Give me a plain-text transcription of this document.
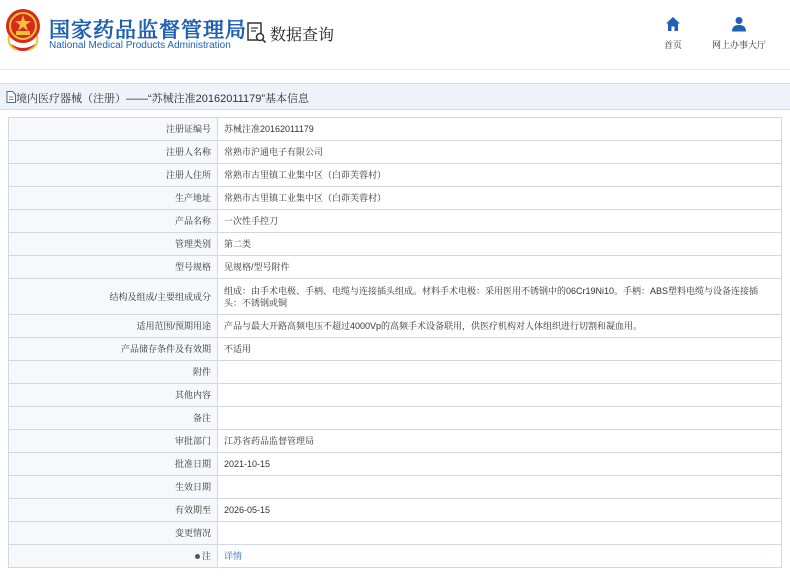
国家药品监督管理局
National Medical Products Administration
数据查询
首页	网上办事大厅
境内医疗器械（注册）——“苏械注准20162011179”基本信息
注册证编号	苏械注准20162011179
注册人名称	常熟市沪通电子有限公司
注册人住所	常熟市古里镇工业集中区（白茆芙蓉村）
生产地址	常熟市古里镇工业集中区（白茆芙蓉村）
产品名称	一次性手控刀
管理类别	第二类
型号规格	见规格/型号附件
结构及组成/主要组成成分	组成：由手术电极、手柄、电缆与连接插头组成。材料手术电极：采用医用不锈钢中的06Cr19Ni10。手柄：ABS塑料电缆与设备连接插头：不锈钢或铜
适用范围/预期用途	产品与最大开路高频电压不超过4000Vp的高频手术设备联用，供医疗机构对人体组织进行切割和凝血用。
产品储存条件及有效期	不适用
附件	
其他内容	
备注	
审批部门	江苏省药品监督管理局
批准日期	2021-10-15
生效日期	
有效期至	2026-05-15
变更情况	
注	详情
